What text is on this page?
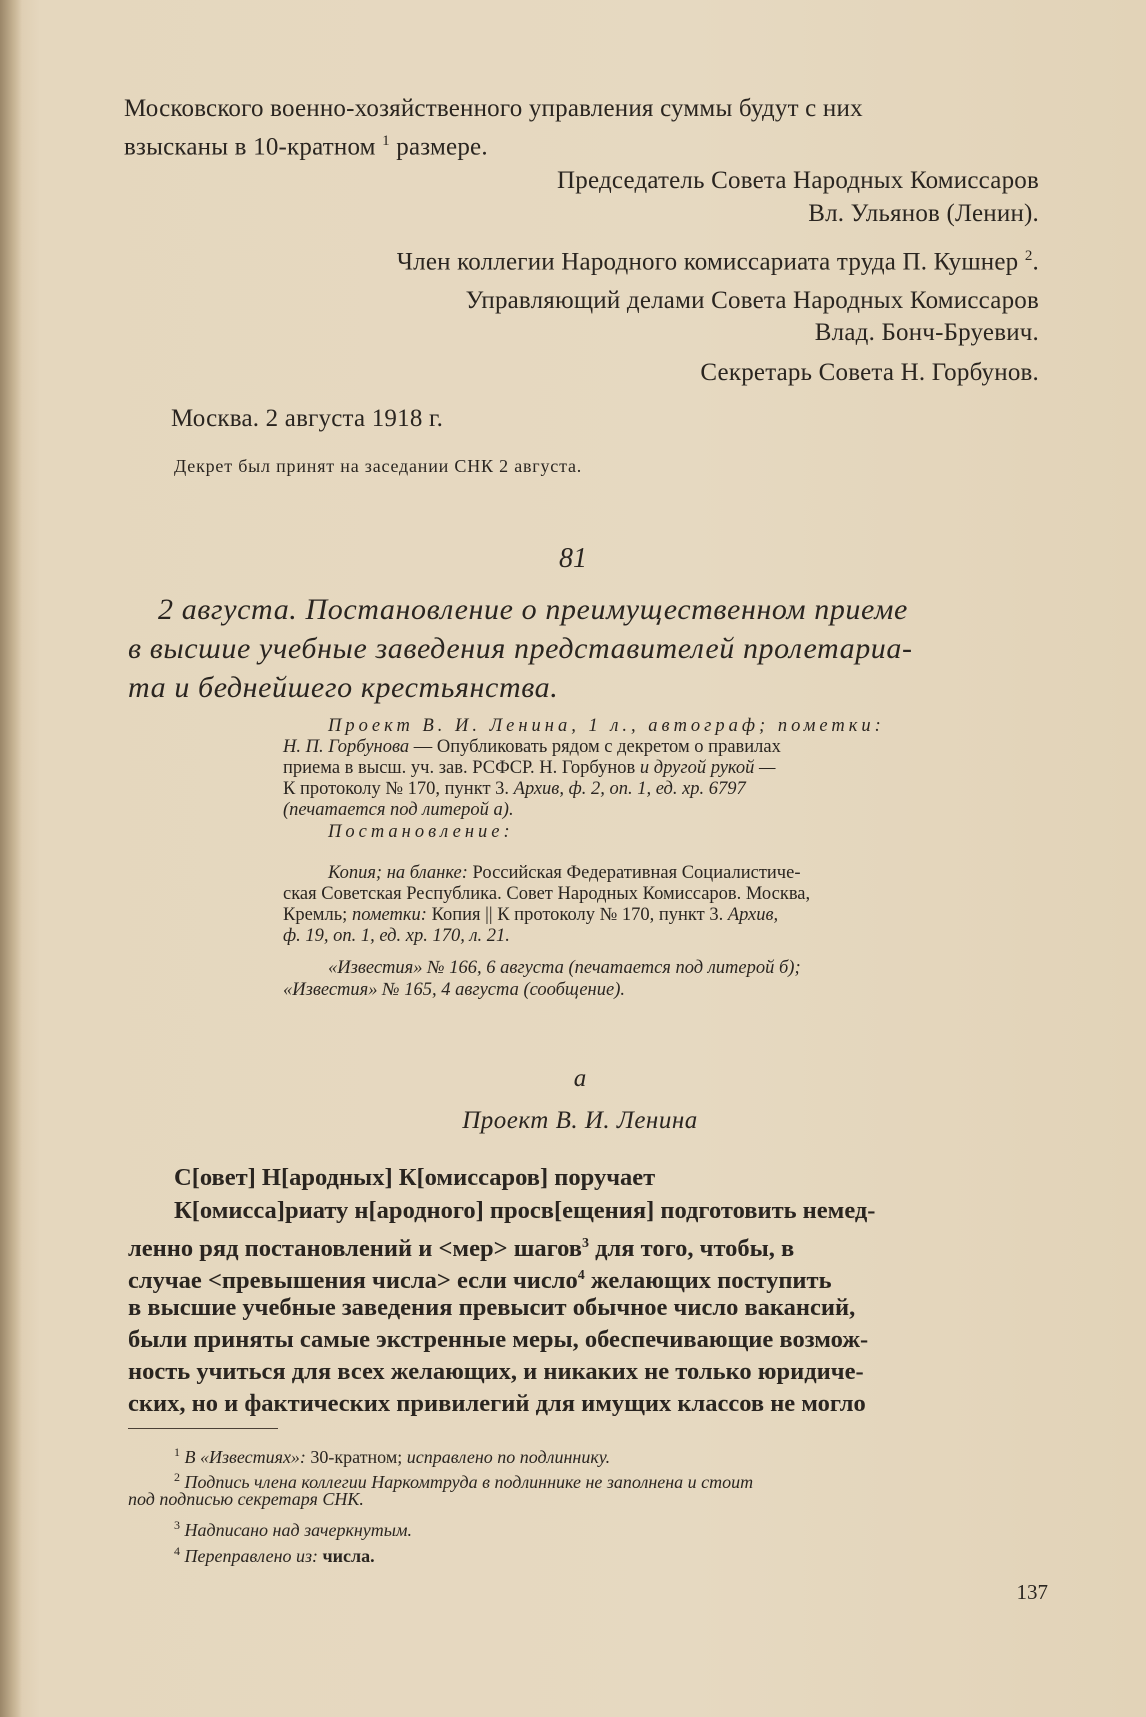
Московского военно-хозяйственного управления суммы будут с них
взысканы в 10-кратном $^1$ размере.
Председатель Совета Народных Комиссаров
Вл. Ульянов (Ленин).
Член коллегии Народного комиссариата труда П. Кушнер $^2$.
Управляющий делами Совета Народных Комиссаров
Влад. Бонч-Бруевич.
Секретарь Совета Н. Горбунов.
Москва. 2 августа 1918 г.
Декрет был принят на заседании СНК 2 августа.
81
2 августа. Постановление о преимущественном приеме
в высшие учебные заведения представителей пролетариа-
та и беднейшего крестьянства.
Проект В. И. Ленина, 1 л., автограф; пометки:
Н. П. Горбунова — Опубликовать рядом с декретом о правилах
приема в высш. уч. зав. РСФСР. Н. Горбунов и другой рукой —
К протоколу № 170, пункт 3. Архив, ф. 2, оп. 1, ед. хр. 6797
(печатается под литерой а).
Постановление:
Копия; на бланке: Российская Федеративная Социалистиче-
ская Советская Республика. Совет Народных Комиссаров. Москва,
Кремль; пометки: Копия || К протоколу № 170, пункт 3. Архив,
ф. 19, оп. 1, ед. хр. 170, л. 21.
«Известия» № 166, 6 августа (печатается под литерой б);
«Известия» № 165, 4 августа (сообщение).
а
Проект В. И. Ленина
С[овет] Н[ародных] К[омиссаров] поручает
К[омисса]риату н[ародного] просв[ещения] подготовить немед-
ленно ряд постановлений и <мер> шагов$^3$ для того, чтобы, в
случае <превышения числа> если число$^4$ желающих поступить
в высшие учебные заведения превысит обычное число вакансий,
были приняты самые экстренные меры, обеспечивающие возмож-
ность учиться для всех желающих, и никаких не только юридиче-
ских, но и фактических привилегий для имущих классов не могло
$^1$ В «Известиях»: 30-кратном; исправлено по подлиннику.
$^2$ Подпись члена коллегии Наркомтруда в подлиннике не заполнена и стоит
под подписью секретаря СНК.
$^3$ Надписано над зачеркнутым.
$^4$ Переправлено из: числа.
137
